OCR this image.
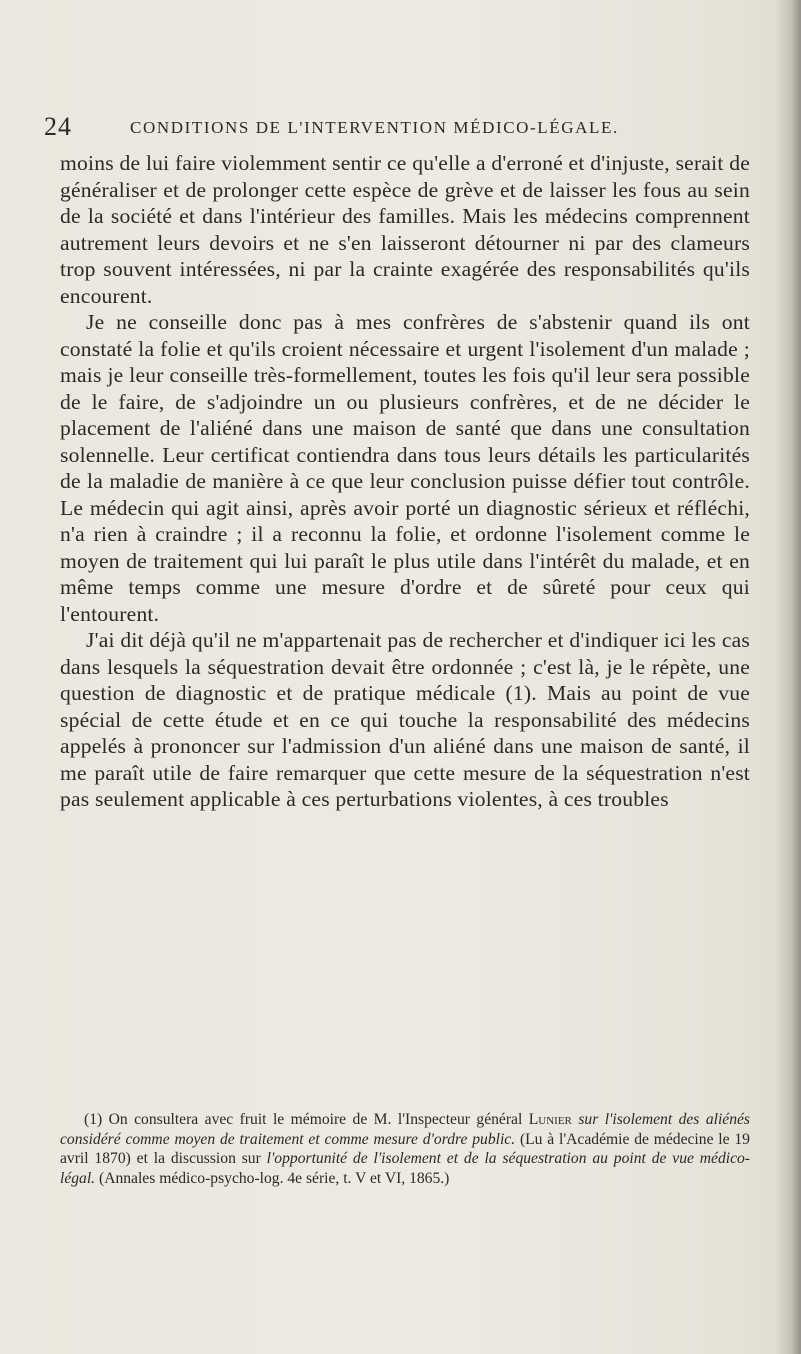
24	CONDITIONS DE L'INTERVENTION MÉDICO-LÉGALE.

moins de lui faire violemment sentir ce qu'elle a d'erroné et d'injuste, serait de généraliser et de prolonger cette espèce de grève et de laisser les fous au sein de la société et dans l'intérieur des familles. Mais les médecins comprennent autrement leurs devoirs et ne s'en laisseront détourner ni par des clameurs trop souvent intéressées, ni par la crainte exagérée des responsabilités qu'ils encourent.

Je ne conseille donc pas à mes confrères de s'abstenir quand ils ont constaté la folie et qu'ils croient nécessaire et urgent l'isolement d'un malade ; mais je leur conseille très-formellement, toutes les fois qu'il leur sera possible de le faire, de s'adjoindre un ou plusieurs confrères, et de ne décider le placement de l'aliéné dans une maison de santé que dans une consultation solennelle. Leur certificat contiendra dans tous leurs détails les particularités de la maladie de manière à ce que leur conclusion puisse défier tout contrôle. Le médecin qui agit ainsi, après avoir porté un diagnostic sérieux et réfléchi, n'a rien à craindre ; il a reconnu la folie, et ordonne l'isolement comme le moyen de traitement qui lui paraît le plus utile dans l'intérêt du malade, et en même temps comme une mesure d'ordre et de sûreté pour ceux qui l'entourent.

J'ai dit déjà qu'il ne m'appartenait pas de rechercher et d'indiquer ici les cas dans lesquels la séquestration devait être ordonnée ; c'est là, je le répète, une question de diagnostic et de pratique médicale (1). Mais au point de vue spécial de cette étude et en ce qui touche la responsabilité des médecins appelés à prononcer sur l'admission d'un aliéné dans une maison de santé, il me paraît utile de faire remarquer que cette mesure de la séquestration n'est pas seulement applicable à ces perturbations violentes, à ces troubles

(1) On consultera avec fruit le mémoire de M. l'Inspecteur général Lunier sur l'isolement des aliénés considéré comme moyen de traitement et comme mesure d'ordre public. (Lu à l'Académie de médecine le 19 avril 1870) et la discussion sur l'opportunité de l'isolement et de la séquestration au point de vue médico-légal. (Annales médico-psycho-log. 4e série, t. V et VI, 1865.)
